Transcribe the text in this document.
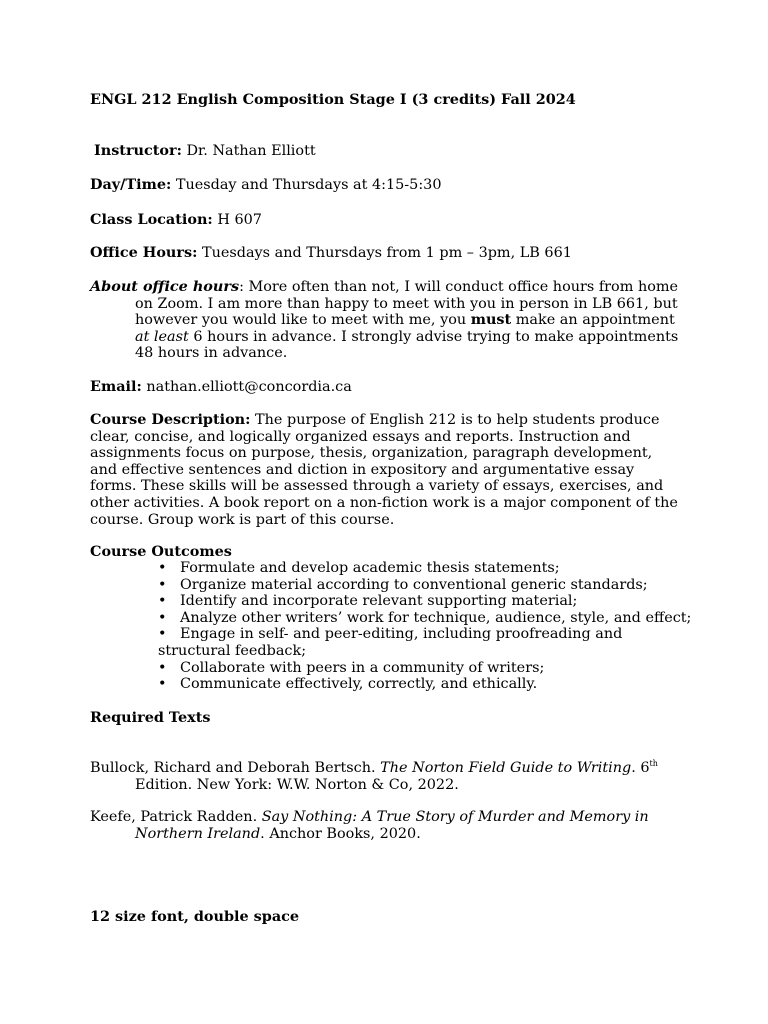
ENGL 212 English Composition Stage I (3 credits) Fall 2024
Instructor: Dr. Nathan Elliott
Day/Time: Tuesday and Thursdays at 4:15-5:30
Class Location: H 607
Office Hours: Tuesdays and Thursdays from 1 pm – 3pm, LB 661
About office hours: More often than not, I will conduct office hours from home on Zoom. I am more than happy to meet with you in person in LB 661, but however you would like to meet with me, you must make an appointment at least 6 hours in advance. I strongly advise trying to make appointments 48 hours in advance.
Email: nathan.elliott@concordia.ca
Course Description: The purpose of English 212 is to help students produce clear, concise, and logically organized essays and reports. Instruction and assignments focus on purpose, thesis, organization, paragraph development, and effective sentences and diction in expository and argumentative essay forms. These skills will be assessed through a variety of essays, exercises, and other activities. A book report on a non-fiction work is a major component of the course. Group work is part of this course.
Course Outcomes
• Formulate and develop academic thesis statements;
• Organize material according to conventional generic standards;
• Identify and incorporate relevant supporting material;
• Analyze other writers’ work for technique, audience, style, and effect;
• Engage in self- and peer-editing, including proofreading and
structural feedback;
• Collaborate with peers in a community of writers;
• Communicate effectively, correctly, and ethically.
Required Texts
Bullock, Richard and Deborah Bertsch. The Norton Field Guide to Writing. 6th Edition. New York: W.W. Norton & Co, 2022.
Keefe, Patrick Radden. Say Nothing: A True Story of Murder and Memory in Northern Ireland. Anchor Books, 2020.
12 size font, double space
